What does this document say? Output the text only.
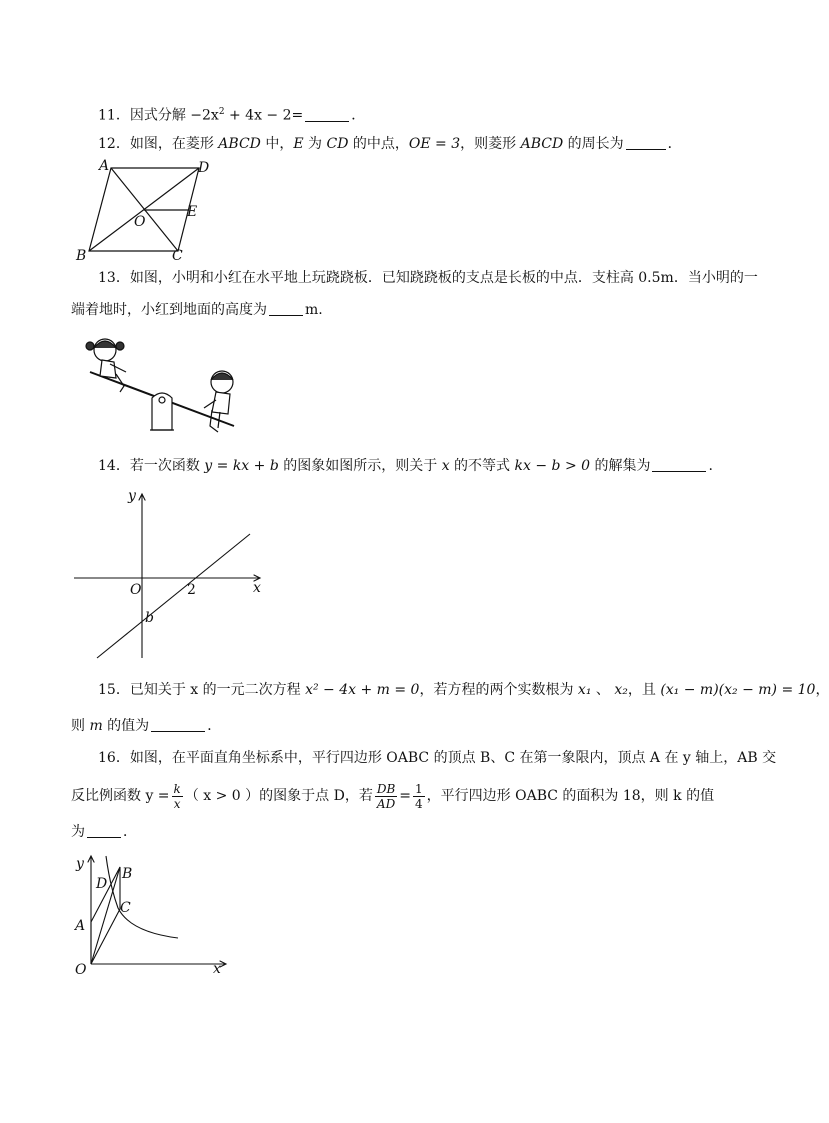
11．因式分解 $-2x^2 + 4x - 2=$	．
12．如图，在菱形 ABCD 中，E 为 CD 的中点，OE = 3，则菱形 ABCD 的周长为	．
A	D
E
O
B	C
13．如图，小明和小红在水平地上玩跷跷板．已知跷跷板的支点是长板的中点．支柱高 0.5m．当小明的一
端着地时，小红到地面的高度为	m.
14．若一次函数 y = kx + b 的图象如图所示，则关于 x 的不等式 kx − b > 0 的解集为	.
y
x
O	2
b
15．已知关于 x 的一元二次方程 x² − 4x + m = 0，若方程的两个实数根为 x₁ 、 x₂，且 (x₁ − m)(x₂ − m) = 10，
则 m 的值为	．
16．如图，在平面直角坐标系中，平行四边形 OABC 的顶点 B、C 在第一象限内，顶点 A 在 y 轴上，AB 交
反比例函数 $y = \frac{k}{x}$ （ x > 0 ）的图象于点 D，若 $\frac{DB}{AD} = \frac{1}{4}$ ，平行四边形 OABC 的面积为 18，则 k 的值
为	．
y
x
O
A
D
B
C
